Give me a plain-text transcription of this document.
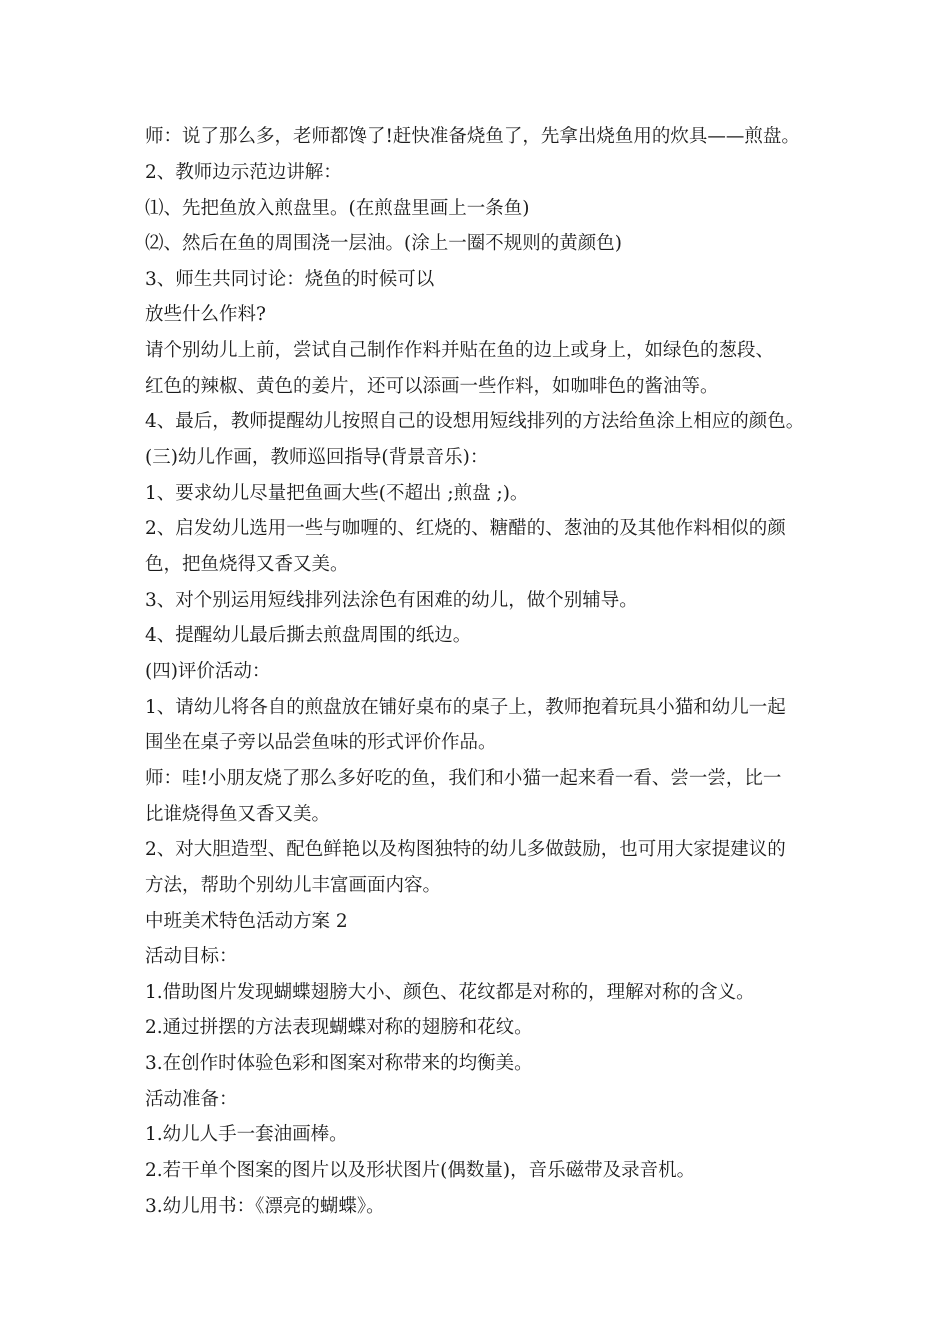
师：说了那么多，老师都馋了!赶快准备烧鱼了，先拿出烧鱼用的炊具——煎盘。
2、教师边示范边讲解：
⑴、先把鱼放入煎盘里。(在煎盘里画上一条鱼)
⑵、然后在鱼的周围浇一层油。(涂上一圈不规则的黄颜色)
3、师生共同讨论：烧鱼的时候可以
放些什么作料?
请个别幼儿上前，尝试自己制作作料并贴在鱼的边上或身上，如绿色的葱段、
红色的辣椒、黄色的姜片，还可以添画一些作料，如咖啡色的酱油等。
4、最后，教师提醒幼儿按照自己的设想用短线排列的方法给鱼涂上相应的颜色。
(三)幼儿作画，教师巡回指导(背景音乐)：
1、要求幼儿尽量把鱼画大些(不超出 ;煎盘 ;)。
2、启发幼儿选用一些与咖喱的、红烧的、糖醋的、葱油的及其他作料相似的颜
色，把鱼烧得又香又美。
3、对个别运用短线排列法涂色有困难的幼儿，做个别辅导。
4、提醒幼儿最后撕去煎盘周围的纸边。
(四)评价活动：
1、请幼儿将各自的煎盘放在铺好桌布的桌子上，教师抱着玩具小猫和幼儿一起
围坐在桌子旁以品尝鱼味的形式评价作品。
师：哇!小朋友烧了那么多好吃的鱼，我们和小猫一起来看一看、尝一尝，比一
比谁烧得鱼又香又美。
2、对大胆造型、配色鲜艳以及构图独特的幼儿多做鼓励，也可用大家提建议的
方法，帮助个别幼儿丰富画面内容。
中班美术特色活动方案 2
活动目标：
1.借助图片发现蝴蝶翅膀大小、颜色、花纹都是对称的，理解对称的含义。
2.通过拼摆的方法表现蝴蝶对称的翅膀和花纹。
3.在创作时体验色彩和图案对称带来的均衡美。
活动准备：
1.幼儿人手一套油画棒。
2.若干单个图案的图片以及形状图片(偶数量)，音乐磁带及录音机。
3.幼儿用书：《漂亮的蝴蝶》。
